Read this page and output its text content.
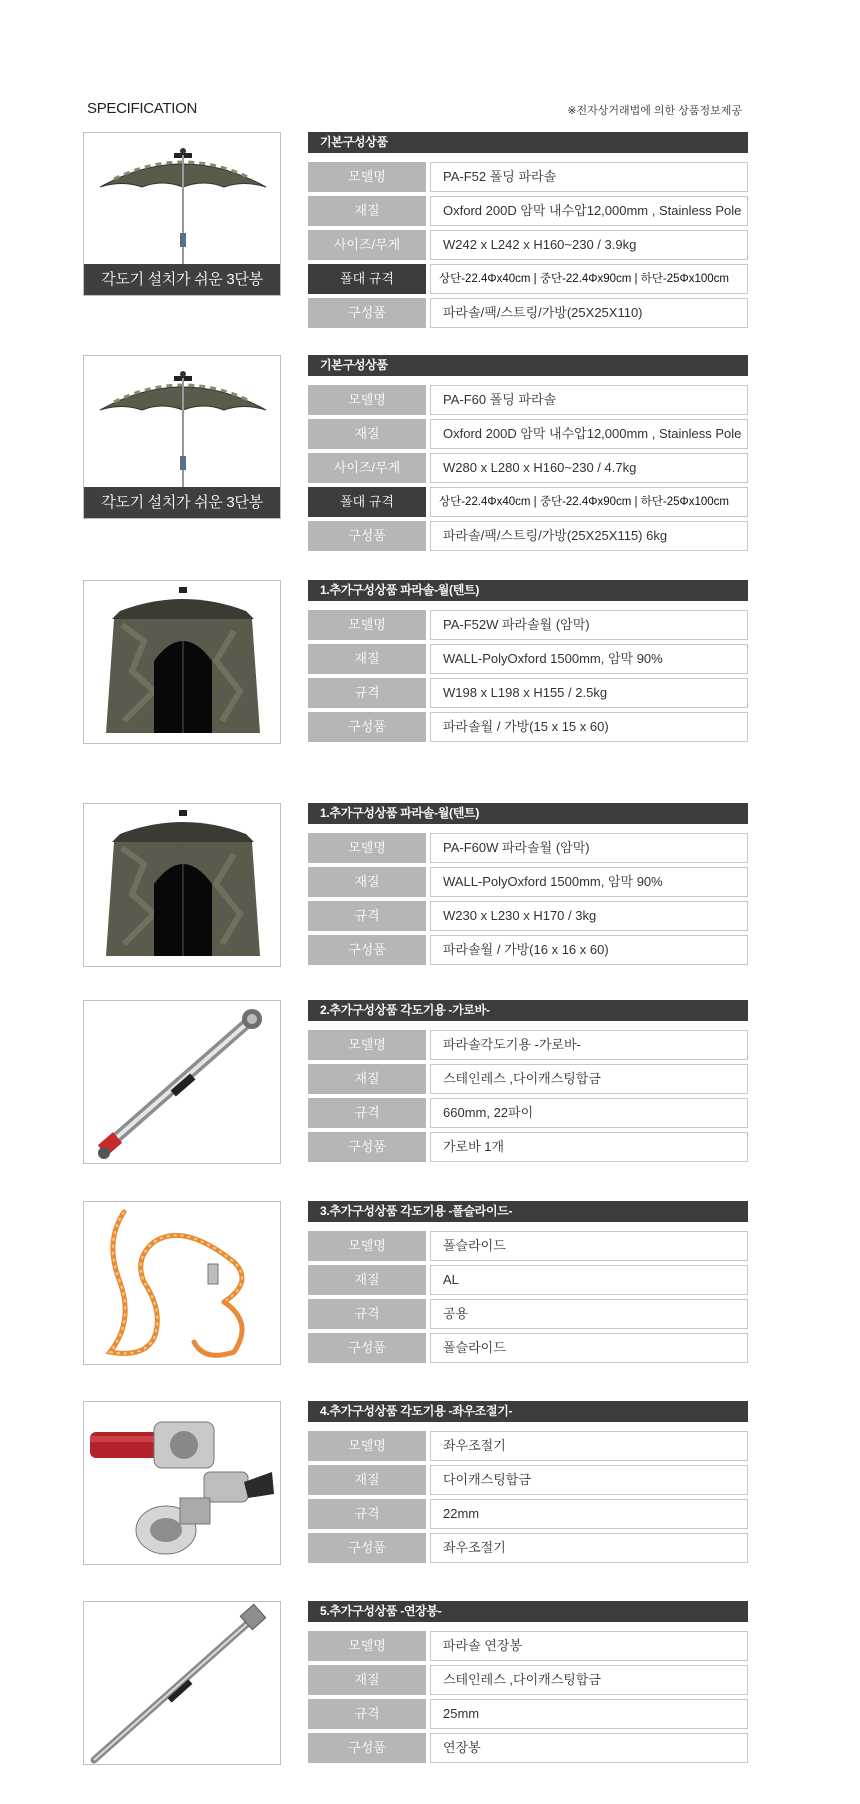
SPECIFICATION	※전자상거래법에 의한 상품정보제공
각도기 설치가 쉬운 3단봉
기본구성상품
모델명	PA-F52 폴딩 파라솔
재질	Oxford 200D 암막 내수압12,000mm , Stainless Pole
사이즈/무게	W242 x L242 x H160~230 / 3.9kg
폴대 규격	상단-22.4Φx40cm | 중단-22.4Φx90cm | 하단-25Φx100cm
구성품	파라솔/팩/스트링/가방(25X25X110)
각도기 설치가 쉬운 3단봉
기본구성상품
모델명	PA-F60 폴딩 파라솔
재질	Oxford 200D 암막 내수압12,000mm , Stainless Pole
사이즈/무게	W280 x L280 x H160~230 / 4.7kg
폴대 규격	상단-22.4Φx40cm | 중단-22.4Φx90cm | 하단-25Φx100cm
구성품	파라솔/팩/스트링/가방(25X25X115) 6kg
1.추가구성상품 파라솔-월(텐트)
모델명	PA-F52W 파라솔월 (암막)
재질	WALL-PolyOxford 1500mm, 암막 90%
규격	W198 x L198 x H155 / 2.5kg
구성품	파라솔월 / 가방(15 x 15 x 60)
1.추가구성상품 파라솔-월(텐트)
모델명	PA-F60W 파라솔월 (암막)
재질	WALL-PolyOxford 1500mm, 암막 90%
규격	W230 x L230 x H170 / 3kg
구성품	파라솔월 / 가방(16 x 16 x 60)
2.추가구성상품 각도기용 -가로바-
모델명	파라솔각도기용 -가로바-
재질	스테인레스 ,다이캐스팅합금
규격	660mm, 22파이
구성품	가로바 1개
3.추가구성상품 각도기용 -폴슬라이드-
모델명	폴슬라이드
재질	AL
규격	공용
구성품	폴슬라이드
4.추가구성상품 각도기용 -좌우조절기-
모델명	좌우조절기
재질	다이캐스팅합금
규격	22mm
구성품	좌우조절기
5.추가구성상품 -연장봉-
모델명	파라솔 연장봉
재질	스테인레스 ,다이캐스팅합금
규격	25mm
구성품	연장봉
